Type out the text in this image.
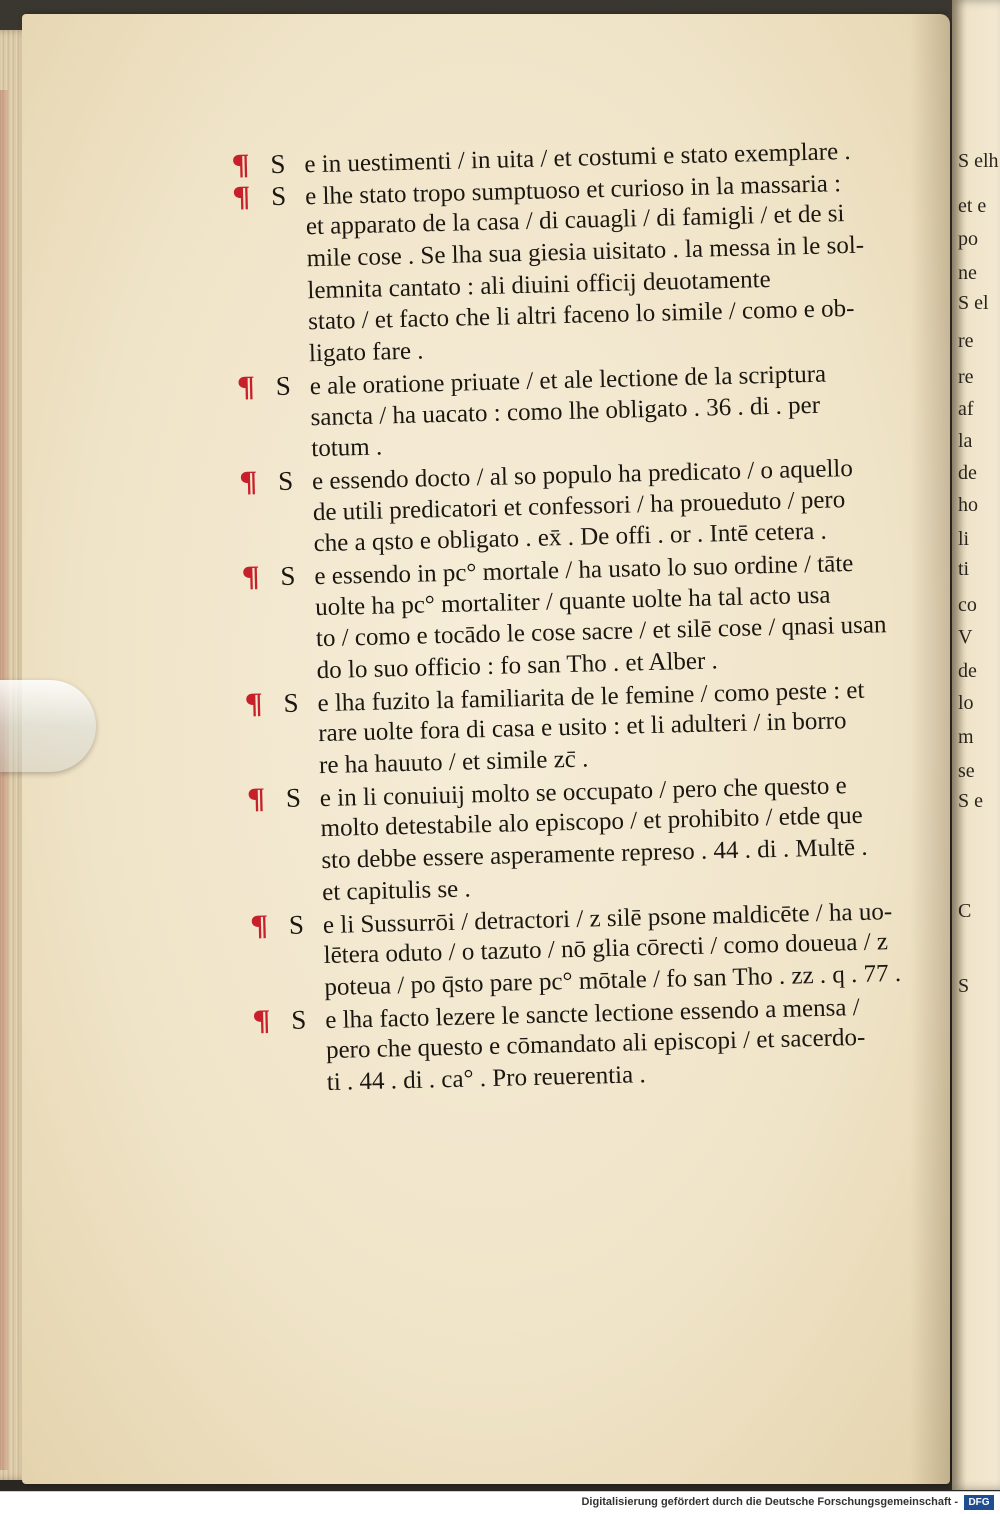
S elh
et e
po
ne
S el
re
re
af
la
de
ho
li
ti
co
V
de
lo
m
se
S e
C
S
¶ S e in uestimenti / in uita / et costumi e stato exemplare .
¶ S e lhe stato tropo sumptuoso et curioso in la massaria :
et apparato de la casa / di cauagli / di famigli / et de si
mile cose . Se lha sua giesia uisitato . la messa in le sol-
lemnita cantato : ali diuini officij deuotamente
stato / et facto che li altri faceno lo simile / como e ob-
ligato fare .
¶ S e ale oratione priuate / et ale lectione de la scriptura
sancta / ha uacato : como lhe obligato . 36 . di . per
totum .
¶ S e essendo docto / al so populo ha predicato / o aquello
de utili predicatori et confessori / ha proueduto / pero
che a qsto e obligato . ex̄ . De offi . or . Intē cetera .
¶ S e essendo in pc° mortale / ha usato lo suo ordine / tāte
uolte ha pc° mortaliter / quante uolte ha tal acto usa
to / como e tocādo le cose sacre / et silē cose / qnasi usan
do lo suo officio : fo san Tho . et Alber .
¶ S e lha fuzito la familiarita de le femine / como peste : et
rare uolte fora di casa e usito : et li adulteri / in borro
re ha hauuto / et simile zc̄ .
¶ S e in li conuiuij molto se occupato / pero che questo e
molto detestabile alo episcopo / et prohibito / etde que
sto debbe essere asperamente represo . 44 . di . Multē .
et capitulis se .
¶ S e li Sussurrōi / detractori / z silē psone maldicēte / ha uo-
lētera oduto / o tazuto / nō glia cōrecti / como doueua / z
poteua / po q̄sto pare pc° mōtale / fo san Tho . zz . q . 77 .
¶ S e lha facto lezere le sancte lectione essendo a mensa /
pero che questo e cōmandato ali episcopi / et sacerdo-
ti . 44 . di . ca° . Pro reuerentia .
Digitalisierung gefördert durch die Deutsche Forschungsgemeinschaft -	DFG
